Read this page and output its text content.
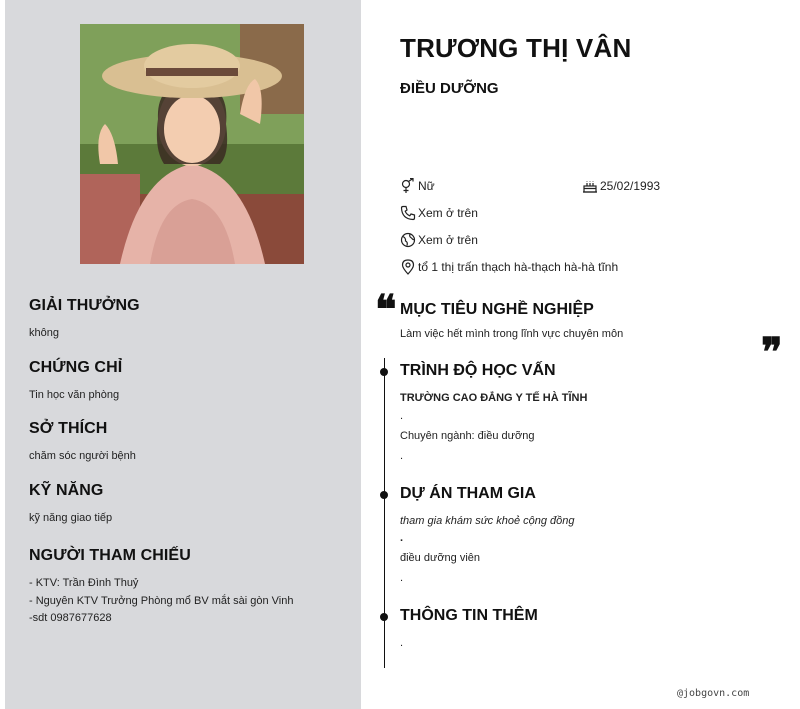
GIẢI THƯỞNG
không
CHỨNG CHỈ
Tin học văn phòng
SỞ THÍCH
chăm sóc người bệnh
KỸ NĂNG
kỹ năng giao tiếp
NGƯỜI THAM CHIẾU
- KTV: Trần Đình Thuỷ
- Nguyên KTV Trưởng Phòng mổ BV mắt sài gòn Vinh
-sdt 0987677628
TRƯƠNG THỊ VÂN
ĐIỀU DƯỠNG
Nữ	25/02/1993
Xem ở trên
Xem ở trên
tổ 1 thị trấn thạch hà-thạch hà-hà tĩnh
❝ MỤC TIÊU NGHỀ NGHIỆP
Làm việc hết mình trong lĩnh vực chuyên môn	❞
TRÌNH ĐỘ HỌC VẤN
TRƯỜNG CAO ĐẲNG Y TẾ HÀ TĨNH
.
Chuyên ngành: điều dưỡng
.
DỰ ÁN THAM GIA
tham gia khám sức khoẻ cộng đồng
.
điều dưỡng viên
.
THÔNG TIN THÊM
.
@jobgovn.com
